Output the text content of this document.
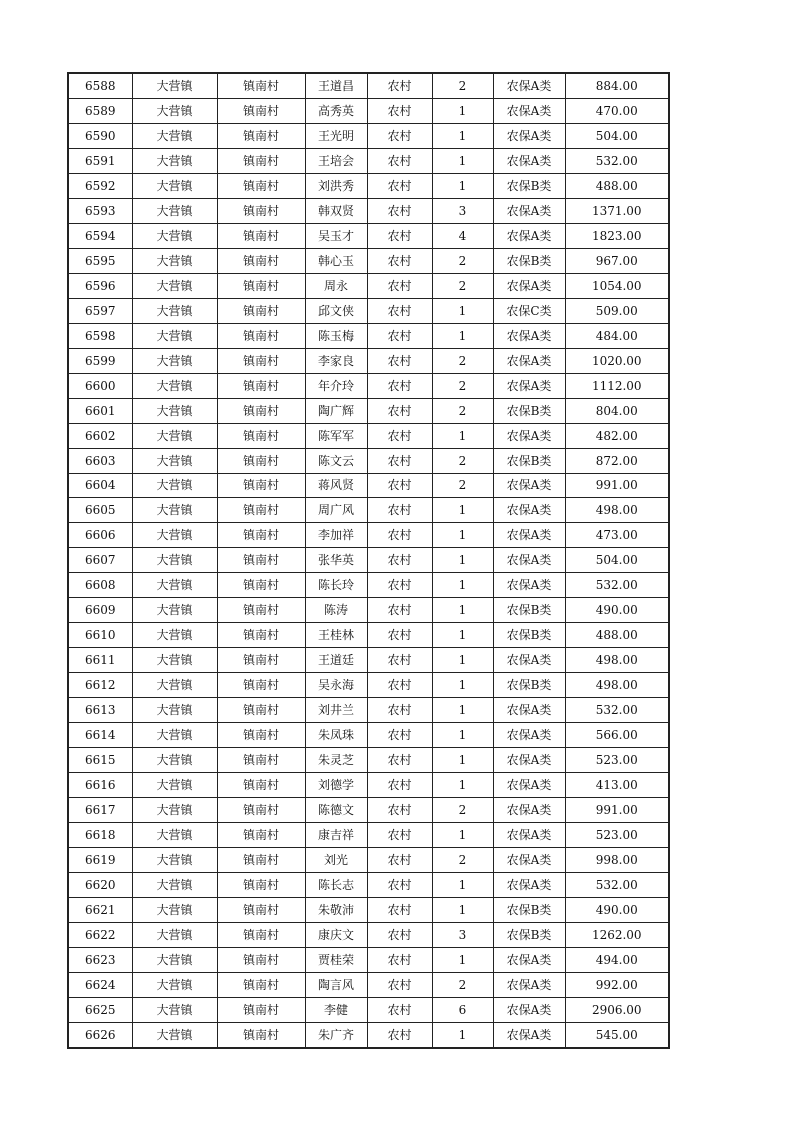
6588	大营镇	镇南村	王道昌	农村	2	农保A类	884.00
6589	大营镇	镇南村	高秀英	农村	1	农保A类	470.00
6590	大营镇	镇南村	王光明	农村	1	农保A类	504.00
6591	大营镇	镇南村	王培会	农村	1	农保A类	532.00
6592	大营镇	镇南村	刘洪秀	农村	1	农保B类	488.00
6593	大营镇	镇南村	韩双贤	农村	3	农保A类	1371.00
6594	大营镇	镇南村	吴玉才	农村	4	农保A类	1823.00
6595	大营镇	镇南村	韩心玉	农村	2	农保B类	967.00
6596	大营镇	镇南村	周永	农村	2	农保A类	1054.00
6597	大营镇	镇南村	邱文侠	农村	1	农保C类	509.00
6598	大营镇	镇南村	陈玉梅	农村	1	农保A类	484.00
6599	大营镇	镇南村	李家良	农村	2	农保A类	1020.00
6600	大营镇	镇南村	年介玲	农村	2	农保A类	1112.00
6601	大营镇	镇南村	陶广辉	农村	2	农保B类	804.00
6602	大营镇	镇南村	陈军军	农村	1	农保A类	482.00
6603	大营镇	镇南村	陈文云	农村	2	农保B类	872.00
6604	大营镇	镇南村	蒋风贤	农村	2	农保A类	991.00
6605	大营镇	镇南村	周广风	农村	1	农保A类	498.00
6606	大营镇	镇南村	李加祥	农村	1	农保A类	473.00
6607	大营镇	镇南村	张华英	农村	1	农保A类	504.00
6608	大营镇	镇南村	陈长玲	农村	1	农保A类	532.00
6609	大营镇	镇南村	陈涛	农村	1	农保B类	490.00
6610	大营镇	镇南村	王桂林	农村	1	农保B类	488.00
6611	大营镇	镇南村	王道廷	农村	1	农保A类	498.00
6612	大营镇	镇南村	吴永海	农村	1	农保B类	498.00
6613	大营镇	镇南村	刘井兰	农村	1	农保A类	532.00
6614	大营镇	镇南村	朱凤珠	农村	1	农保A类	566.00
6615	大营镇	镇南村	朱灵芝	农村	1	农保A类	523.00
6616	大营镇	镇南村	刘德学	农村	1	农保A类	413.00
6617	大营镇	镇南村	陈德文	农村	2	农保A类	991.00
6618	大营镇	镇南村	康吉祥	农村	1	农保A类	523.00
6619	大营镇	镇南村	刘光	农村	2	农保A类	998.00
6620	大营镇	镇南村	陈长志	农村	1	农保A类	532.00
6621	大营镇	镇南村	朱敬沛	农村	1	农保B类	490.00
6622	大营镇	镇南村	康庆文	农村	3	农保B类	1262.00
6623	大营镇	镇南村	贾桂荣	农村	1	农保A类	494.00
6624	大营镇	镇南村	陶言风	农村	2	农保A类	992.00
6625	大营镇	镇南村	李健	农村	6	农保A类	2906.00
6626	大营镇	镇南村	朱广齐	农村	1	农保A类	545.00
